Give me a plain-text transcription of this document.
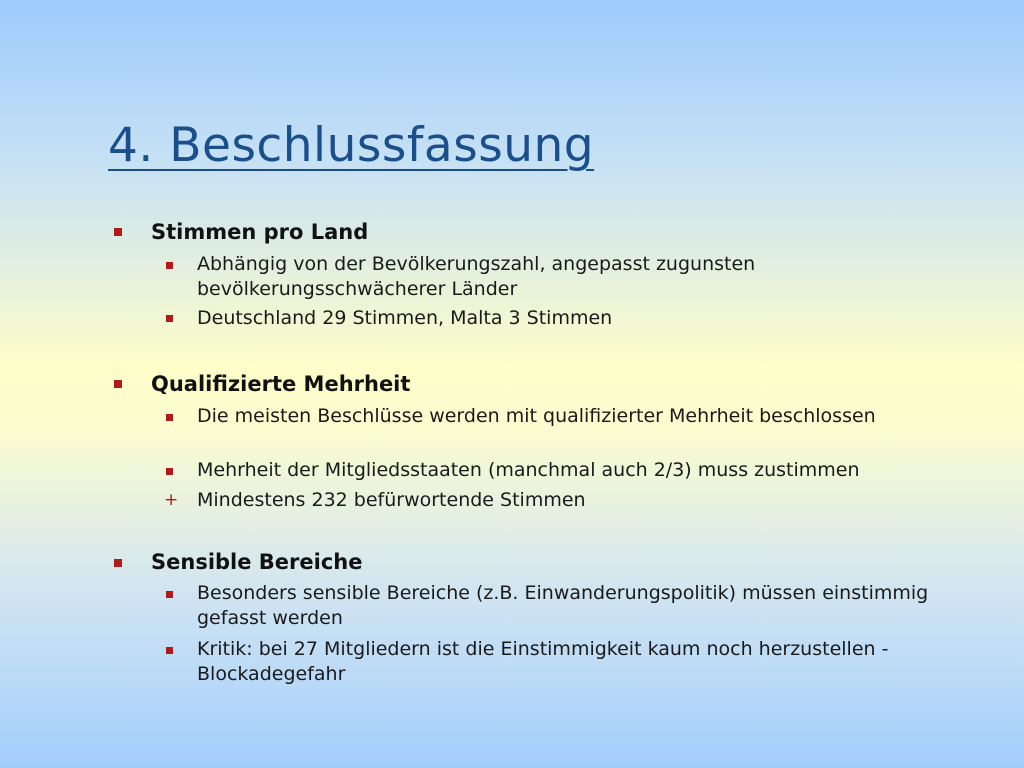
4. Beschlussfassung
Stimmen pro Land
Abhängig von der Bevölkerungszahl, angepasst zugunsten bevölkerungsschwächerer Länder
Deutschland 29 Stimmen, Malta 3 Stimmen
Qualifizierte Mehrheit
Die meisten Beschlüsse werden mit qualifizierter Mehrheit beschlossen
Mehrheit der Mitgliedsstaaten (manchmal auch 2/3) muss zustimmen
+ Mindestens 232 befürwortende Stimmen
Sensible Bereiche
Besonders sensible Bereiche (z.B. Einwanderungspolitik) müssen einstimmig gefasst werden
Kritik: bei 27 Mitgliedern ist die Einstimmigkeit kaum noch herzustellen - Blockadegefahr
